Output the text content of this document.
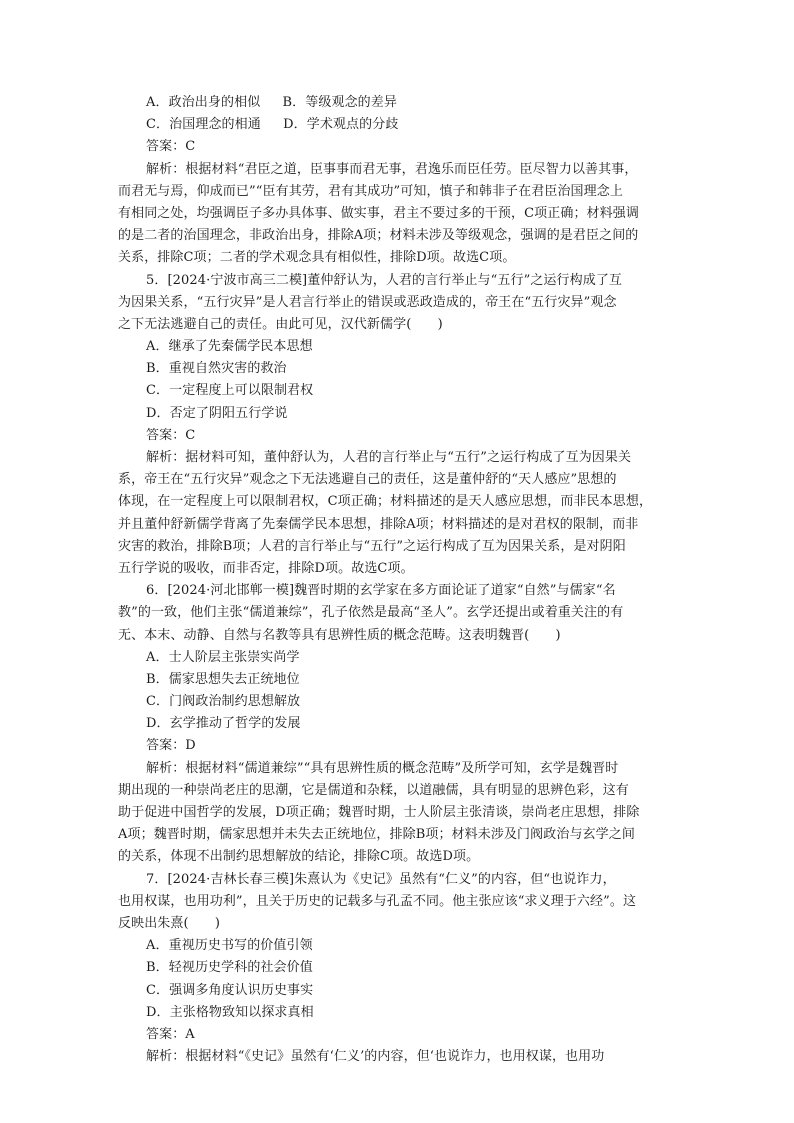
A．政治出身的相似 B．等级观念的差异
C．治国理念的相通 D．学术观点的分歧
答案：C
解析：根据材料“君臣之道，臣事事而君无事，君逸乐而臣任劳。臣尽智力以善其事，
而君无与焉，仰成而已”“臣有其劳，君有其成功”可知，慎子和韩非子在君臣治国理念上
有相同之处，均强调臣子多办具体事、做实事，君主不要过多的干预，C项正确；材料强调
的是二者的治国理念，非政治出身，排除A项；材料未涉及等级观念，强调的是君臣之间的
关系，排除C项；二者的学术观念具有相似性，排除D项。故选C项。
5．[2024·宁波市高三二模]董仲舒认为，人君的言行举止与“五行”之运行构成了互
为因果关系，“五行灾异”是人君言行举止的错误或恶政造成的，帝王在“五行灾异”观念
之下无法逃避自己的责任。由此可见，汉代新儒学(　　)
A．继承了先秦儒学民本思想
B．重视自然灾害的救治
C．一定程度上可以限制君权
D．否定了阴阳五行学说
答案：C
解析：据材料可知，董仲舒认为，人君的言行举止与“五行”之运行构成了互为因果关
系，帝王在“五行灾异”观念之下无法逃避自己的责任，这是董仲舒的“天人感应”思想的
体现，在一定程度上可以限制君权，C项正确；材料描述的是天人感应思想，而非民本思想，
并且董仲舒新儒学背离了先秦儒学民本思想，排除A项；材料描述的是对君权的限制，而非
灾害的救治，排除B项；人君的言行举止与“五行”之运行构成了互为因果关系，是对阴阳
五行学说的吸收，而非否定，排除D项。故选C项。
6．[2024·河北邯郸一模]魏晋时期的玄学家在多方面论证了道家“自然”与儒家“名
教”的一致，他们主张“儒道兼综”，孔子依然是最高“圣人”。玄学还提出或着重关注的有
无、本末、动静、自然与名教等具有思辨性质的概念范畴。这表明魏晋(　　)
A．士人阶层主张崇实尚学
B．儒家思想失去正统地位
C．门阀政治制约思想解放
D．玄学推动了哲学的发展
答案：D
解析：根据材料“儒道兼综”“具有思辨性质的概念范畴”及所学可知，玄学是魏晋时
期出现的一种崇尚老庄的思潮，它是儒道和杂糅，以道融儒，具有明显的思辨色彩，这有
助于促进中国哲学的发展，D项正确；魏晋时期，士人阶层主张清谈，崇尚老庄思想，排除
A项；魏晋时期，儒家思想并未失去正统地位，排除B项；材料未涉及门阀政治与玄学之间
的关系，体现不出制约思想解放的结论，排除C项。故选D项。
7．[2024·吉林长春三模]朱熹认为《史记》虽然有“仁义”的内容，但“也说诈力，
也用权谋，也用功利”，且关于历史的记载多与孔孟不同。他主张应该“求义理于六经”。这
反映出朱熹(　　)
A．重视历史书写的价值引领
B．轻视历史学科的社会价值
C．强调多角度认识历史事实
D．主张格物致知以探求真相
答案：A
解析：根据材料“《史记》虽然有‘仁义’的内容，但‘也说诈力，也用权谋，也用功
